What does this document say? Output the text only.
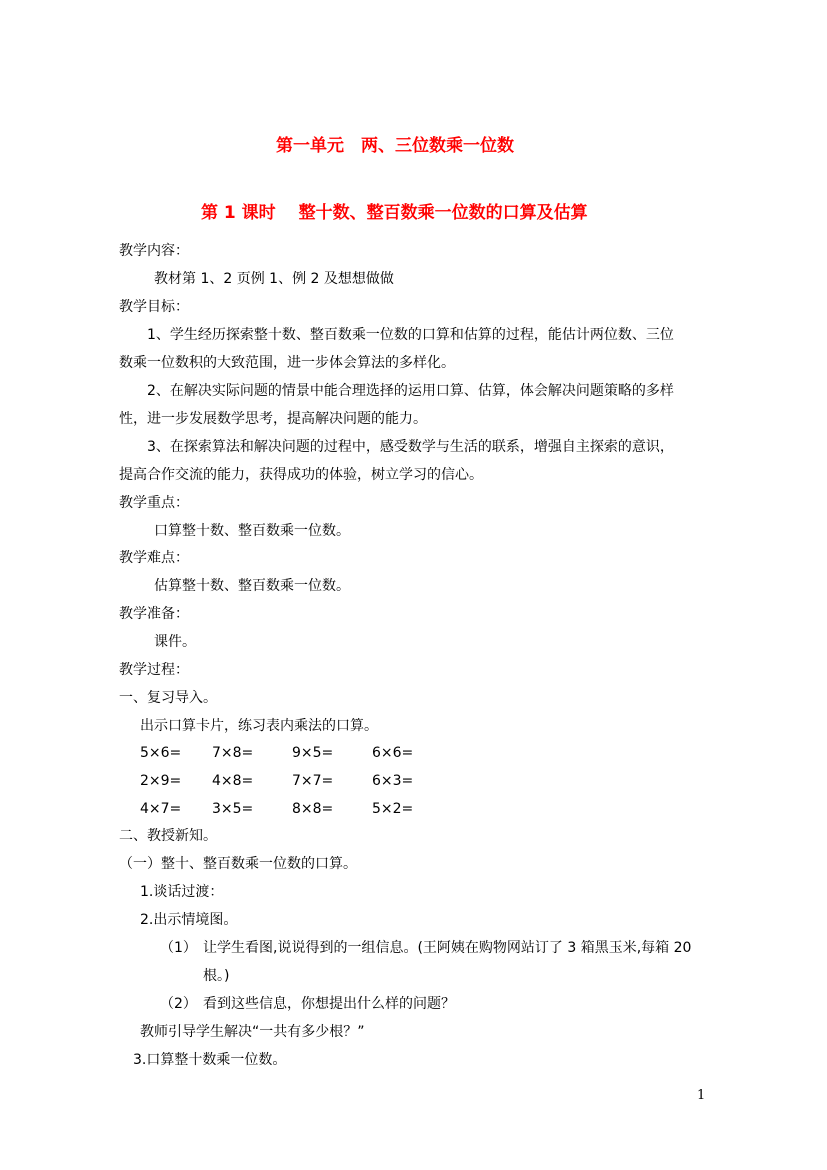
第一单元　两、三位数乘一位数
第 1 课时　 整十数、整百数乘一位数的口算及估算
教学内容：
教材第 1、2 页例 1、例 2 及想想做做
教学目标：
1、学生经历探索整十数、整百数乘一位数的口算和估算的过程，能估计两位数、三位
数乘一位数积的大致范围，进一步体会算法的多样化。
2、在解决实际问题的情景中能合理选择的运用口算、估算，体会解决问题策略的多样
性，进一步发展数学思考，提高解决问题的能力。
3、在探索算法和解决问题的过程中，感受数学与生活的联系，增强自主探索的意识，
提高合作交流的能力，获得成功的体验，树立学习的信心。
教学重点：
口算整十数、整百数乘一位数。
教学难点：
估算整十数、整百数乘一位数。
教学准备：
课件。
教学过程：
一、复习导入。
出示口算卡片，练习表内乘法的口算。
5×6=	7×8=	9×5=	6×6=
2×9=	4×8=	7×7=	6×3=
4×7=	3×5=	8×8=	5×2=
二、教授新知。
（一）整十、整百数乘一位数的口算。
1.谈话过渡：
2.出示情境图。
（1） 让学生看图,说说得到的一组信息。(王阿姨在购物网站订了 3 箱黑玉米,每箱 20
根。)
（2） 看到这些信息，你想提出什么样的问题？
教师引导学生解决“一共有多少根？”
3.口算整十数乘一位数。
1
